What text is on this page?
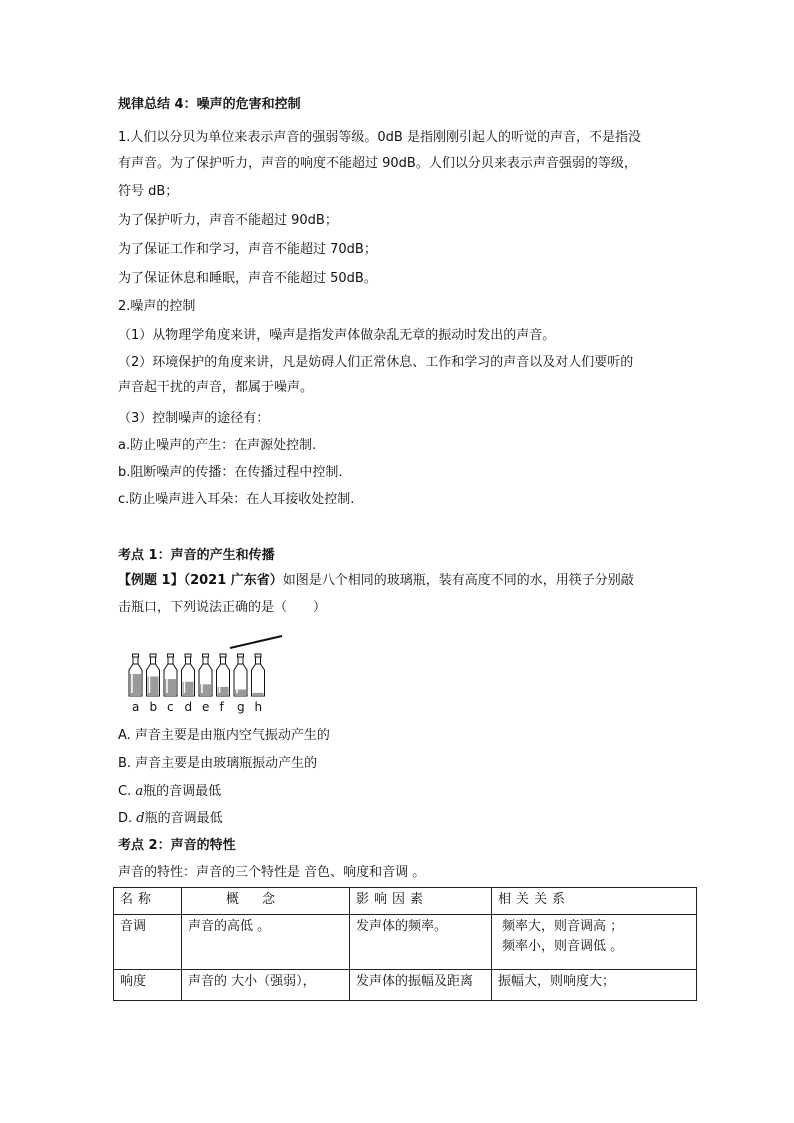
规律总结 4：噪声的危害和控制
1.人们以分贝为单位来表示声音的强弱等级。0dB 是指刚刚引起人的听觉的声音，不是指没
有声音。为了保护听力，声音的响度不能超过 90dB。人们以分贝来表示声音强弱的等级，
符号 dB；
为了保护听力，声音不能超过 90dB；
为了保证工作和学习，声音不能超过 70dB；
为了保证休息和睡眠，声音不能超过 50dB。
2.噪声的控制
（1）从物理学角度来讲，噪声是指发声体做杂乱无章的振动时发出的声音。
（2）环境保护的角度来讲，凡是妨碍人们正常休息、工作和学习的声音以及对人们要听的
声音起干扰的声音，都属于噪声。
（3）控制噪声的途径有：
a.防止噪声的产生：在声源处控制.
b.阻断噪声的传播：在传播过程中控制.
c.防止噪声进入耳朵：在人耳接收处控制.
考点 1：声音的产生和传播
【例题 1】（2021 广东省）如图是八个相同的玻璃瓶，装有高度不同的水，用筷子分别敲
击瓶口，下列说法正确的是（　　）
a b c d e f g h
A. 声音主要是由瓶内空气振动产生的
B. 声音主要是由玻璃瓶振动产生的
C. a瓶的音调最低
D. d瓶的音调最低
考点 2：声音的特性
声音的特性：声音的三个特性是 音色、响度和音调 。
名称	概　念	影响因素	相关关系
音调	声音的高低 。	发声体的频率。	频率大，则音调高 ；
频率小，则音调低 。

响度	声音的 大小（强弱），	发声体的振幅及距离	振幅大，则响度大；
